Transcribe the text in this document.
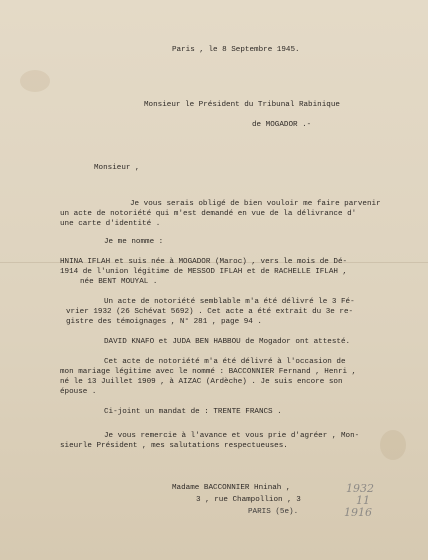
Paris , le 8 Septembre 1945.
Monsieur le Président du Tribunal Rabinique
de MOGADOR .-
Monsieur ,
Je vous serais obligé de bien vouloir me faire parvenir
un acte de notoriété qui m'est demandé en vue de la délivrance d'
une carte d'identité .
Je me nomme :
HNINA IFLAH et suis née à MOGADOR (Maroc) , vers le mois de Dé-
1914 de l'union légitime de MESSOD IFLAH et de RACHELLE IFLAH ,
née BENT MOUYAL .
Un acte de notoriété semblable m'a été délivré le 3 Fé-
vrier 1932 (26 Schévat 5692) . Cet acte a été extrait du 3e re-
gistre des témoignages , N° 281 , page 94 .
DAVID KNAFO et JUDA BEN HABBOU de Mogador ont attesté.
Cet acte de notoriété m'a été délivré à l'occasion de
mon mariage légitime avec le nommé : BACCONNIER Fernand , Henri ,
né le 13 Juillet 1909 , à AIZAC (Ardèche) . Je suis encore son
épouse .
Ci-joint un mandat de : TRENTE FRANCS .
Je vous remercie à l'avance et vous prie d'agréer , Mon-
sieurle Président , mes salutations respectueuses.
Madame BACCONNIER Hninah ,
3 , rue Champollion , 3
PARIS (5e).
1932
11
1916
